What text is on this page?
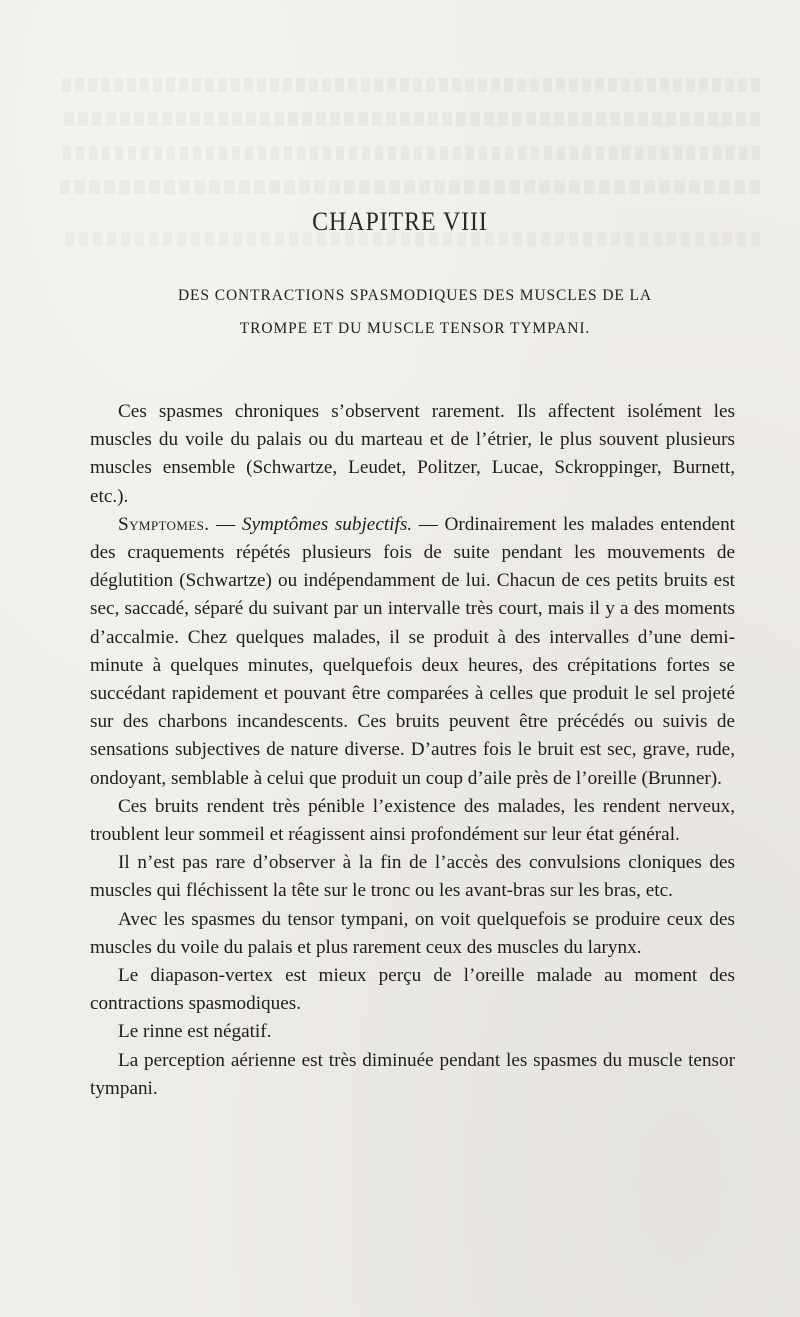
CHAPITRE VIII
DES CONTRACTIONS SPASMODIQUES DES MUSCLES DE LA
TROMPE ET DU MUSCLE TENSOR TYMPANI.

Ces spasmes chroniques s’observent rarement. Ils affectent isolément les muscles du voile du palais ou du marteau et de l’étrier, le plus souvent plusieurs muscles ensemble (Schwartze, Leudet, Politzer, Lucae, Sckroppinger, Burnett, etc.).

Symptomes. — Symptômes subjectifs. — Ordinairement les malades entendent des craquements répétés plusieurs fois de suite pendant les mouvements de déglutition (Schwartze) ou indépendamment de lui. Chacun de ces petits bruits est sec, saccadé, séparé du suivant par un intervalle très court, mais il y a des moments d’accalmie. Chez quelques malades, il se produit à des intervalles d’une demi-minute à quelques minutes, quelquefois deux heures, des crépitations fortes se succédant rapidement et pouvant être comparées à celles que produit le sel projeté sur des charbons incandescents. Ces bruits peuvent être précédés ou suivis de sensations subjectives de nature diverse. D’autres fois le bruit est sec, grave, rude, ondoyant, semblable à celui que produit un coup d’aile près de l’oreille (Brunner).

Ces bruits rendent très pénible l’existence des malades, les rendent nerveux, troublent leur sommeil et réagissent ainsi profondément sur leur état général.

Il n’est pas rare d’observer à la fin de l’accès des convulsions cloniques des muscles qui fléchissent la tête sur le tronc ou les avant-bras sur les bras, etc.

Avec les spasmes du tensor tympani, on voit quelquefois se produire ceux des muscles du voile du palais et plus rarement ceux des muscles du larynx.

Le diapason-vertex est mieux perçu de l’oreille malade au moment des contractions spasmodiques.

Le rinne est négatif.

La perception aérienne est très diminuée pendant les spasmes du muscle tensor tympani.
